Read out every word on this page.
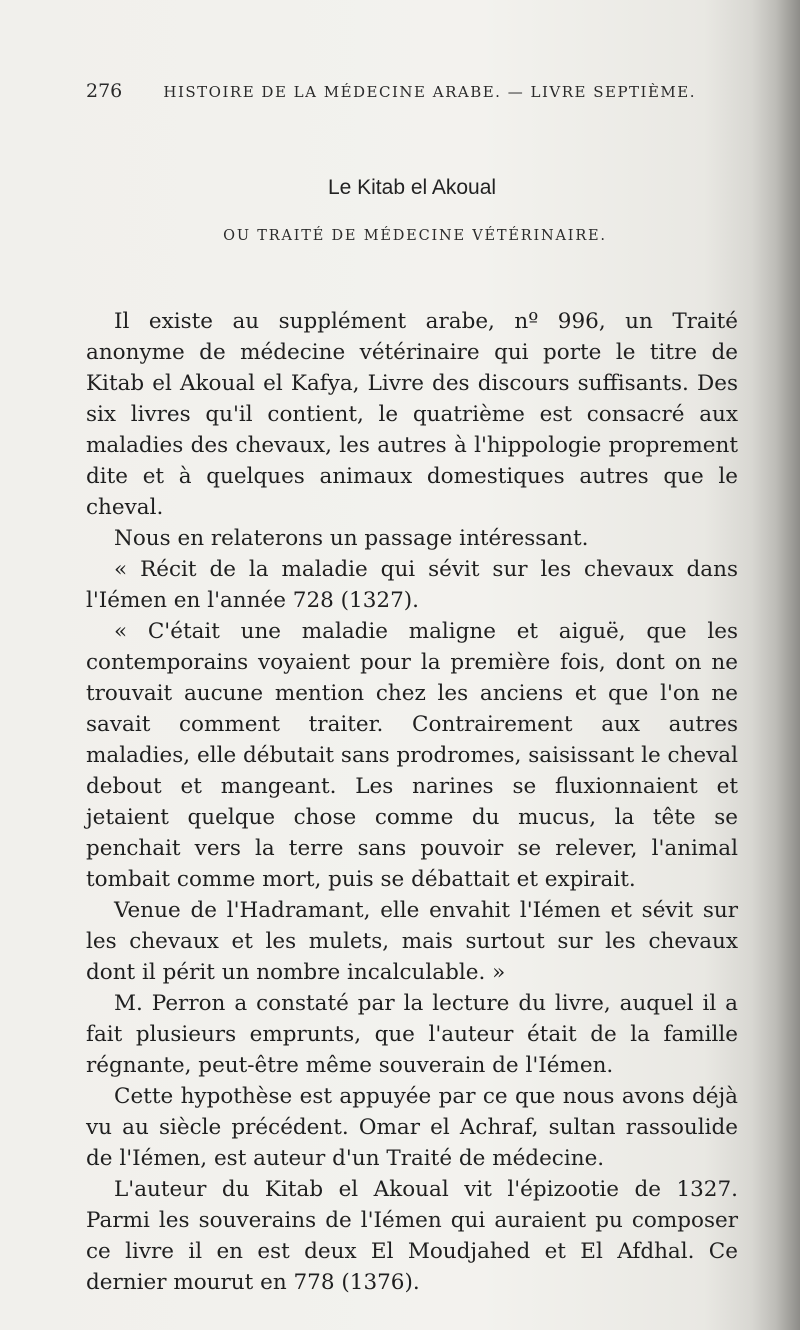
276	HISTOIRE DE LA MÉDECINE ARABE. — LIVRE SEPTIÈME.
Le Kitab el Akoual
OU TRAITÉ DE MÉDECINE VÉTÉRINAIRE.

Il existe au supplément arabe, nº 996, un Traité anonyme de médecine vétérinaire qui porte le titre de Kitab el Akoual el Kafya, Livre des discours suffisants. Des six livres qu'il contient, le quatrième est consacré aux maladies des chevaux, les autres à l'hippologie proprement dite et à quelques animaux domestiques autres que le cheval.

Nous en relaterons un passage intéressant.

« Récit de la maladie qui sévit sur les chevaux dans l'Iémen en l'année 728 (1327).

« C'était une maladie maligne et aiguë, que les contemporains voyaient pour la première fois, dont on ne trouvait aucune mention chez les anciens et que l'on ne savait comment traiter. Contrairement aux autres maladies, elle débutait sans prodromes, saisissant le cheval debout et mangeant. Les narines se fluxionnaient et jetaient quelque chose comme du mucus, la tête se penchait vers la terre sans pouvoir se relever, l'animal tombait comme mort, puis se débattait et expirait.

Venue de l'Hadramant, elle envahit l'Iémen et sévit sur les chevaux et les mulets, mais surtout sur les chevaux dont il périt un nombre incalculable. »

M. Perron a constaté par la lecture du livre, auquel il a fait plusieurs emprunts, que l'auteur était de la famille régnante, peut-être même souverain de l'Iémen.

Cette hypothèse est appuyée par ce que nous avons déjà vu au siècle précédent. Omar el Achraf, sultan rassoulide de l'Iémen, est auteur d'un Traité de médecine.

L'auteur du Kitab el Akoual vit l'épizootie de 1327. Parmi les souverains de l'Iémen qui auraient pu composer ce livre il en est deux El Moudjahed et El Afdhal. Ce dernier mourut en 778 (1376).
